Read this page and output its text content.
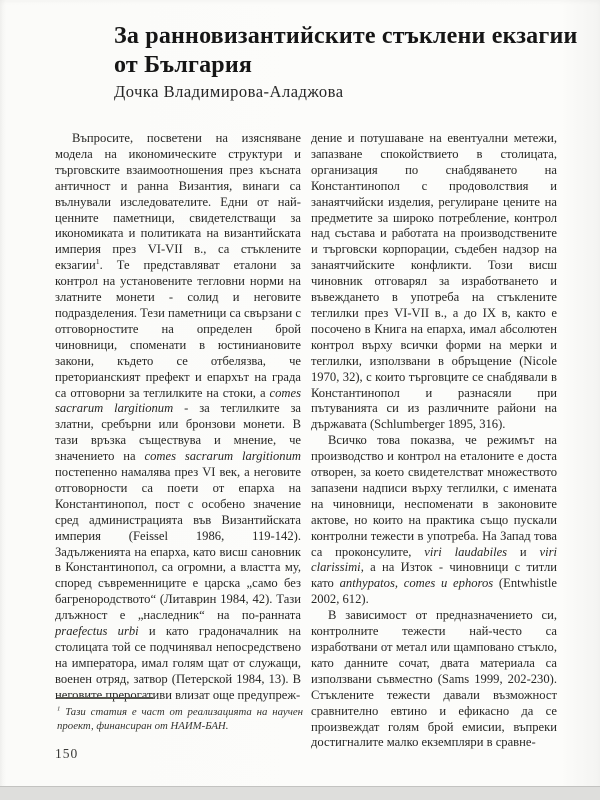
За ранновизантийските стъклени екзагии
от България
Дочка Владимирова-Аладжова

Въпросите, посветени на изясняване модела на икономическите структури и търговските взаимоотношения през късната античност и ранна Византия, винаги са вълнували изследователите. Едни от най-ценните паметници, свидетелстващи за икономиката и политиката на византийската империя през VI-VII в., са стъклените екзагии$^1$. Те представляват еталони за контрол на установените тегловни норми на златните монети - солид и неговите подразделения. Тези паметници са свързани с отговорностите на определен брой чиновници, споменати в юстиниановите закони, където се отбелязва, че преторианският префект и епархът на града са отговорни за теглилките на стоки, а comes sacrarum largitionum - за теглилките за златни, сребърни или бронзови монети. В тази връзка съществува и мнение, че значението на comes sacrarum largitionum постепенно намалява през VI век, а неговите отговорности са поети от епарха на Константинопол, пост с особено значение сред администрацията във Византийската империя (Feissel 1986, 119-142). Задълженията на епарха, като висш сановник в Константинопол, са огромни, а властта му, според съвременниците е царска „само без багренородството“ (Литаврин 1984, 42). Тази длъжност е „наследник“ на по-ранната praefectus urbi и като градоначалник на столицата той се подчинявал непосредствено на императора, имал голям щат от служащи, военен отряд, затвор (Петерской 1984, 13). В неговите прерогативи влизат още предупреж-

дение и потушаване на евентуални метежи, запазване спокойствието в столицата, организация по снабдяването на Константинопол с продоволствия и занаятчийски изделия, регулиране цените на предметите за широко потребление, контрол над състава и работата на производствените и търговски корпорации, съдебен надзор на занаятчийските конфликти. Този висш чиновник отговарял за изработването и въвеждането в употреба на стъклените теглилки през VI-VII в., а до IX в, както е посочено в Книга на епарха, имал абсолютен контрол върху всички форми на мерки и теглилки, използвани в обръщение (Nicole 1970, 32), с които търговците се снабдявали в Константинопол и разнасяли при пътуванията си из различните райони на държавата (Schlumberger 1895, 316).

Всичко това показва, че режимът на производство и контрол на еталоните е доста отворен, за което свидетелстват множеството запазени надписи върху теглилки, с имената на чиновници, неспоменати в законовите актове, но които на практика също пускали контролни тежести в употреба. На Запад това са проконсулите, viri laudabiles и viri clarissimi, а на Изток - чиновници с титли като anthypatos, comes и ephoros (Entwhistle 2002, 612).

В зависимост от предназначението си, контролните тежести най-често са изработвани от метал или щамповано стъкло, като данните сочат, двата материала са използвани съвместно (Sams 1999, 202-230). Стъклените тежести давали възможност сравнително евтино и ефикасно да се произвеждат голям брой емисии, въпреки достигналите малко екземпляри в сравне-

$^1$ Тази статия е част от реализацията на научен проект, финансиран от НАИМ-БАН.
150
